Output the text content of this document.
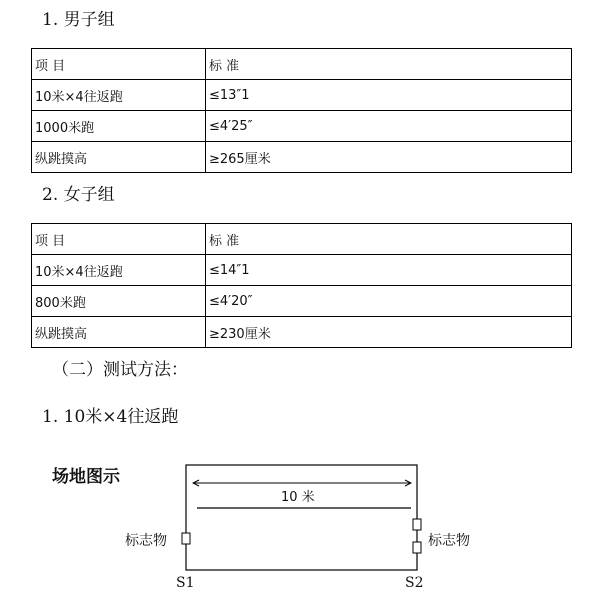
1. 男子组
项 目	标 准
10米×4往返跑	≤13″1
1000米跑	≤4′25″
纵跳摸高	≥265厘米
2. 女子组
项 目	标 准
10米×4往返跑	≤14″1
800米跑	≤4′20″
纵跳摸高	≥230厘米
（二）测试方法：
1. 10米×4往返跑
场地图示
10 米
标志物	标志物
S1	S2
